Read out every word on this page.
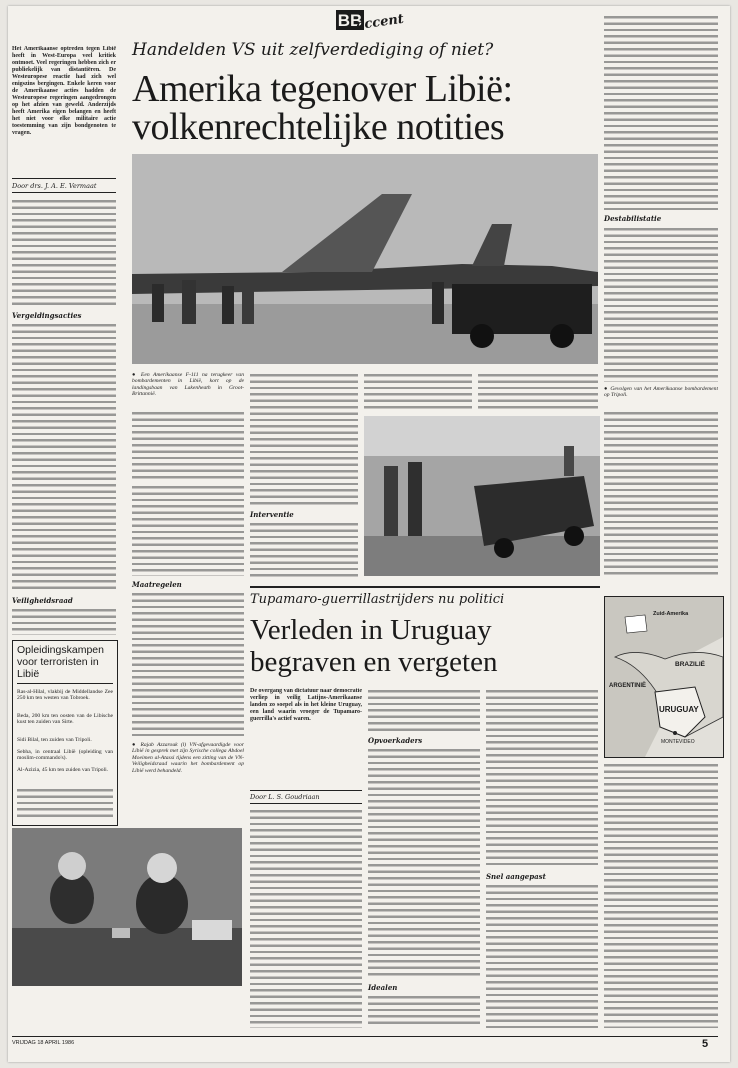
BB
accent
Het Amerikaanse optreden tegen Libië heeft in West-Europa veel kritiek ontmoet. Veel regeringen hebben zich er publiekelijk van distantiëren. De Westeuropese reactie had zich wel enigszins bergingen. Enkele keren voor de Amerikaanse acties hadden de Westeuropese regeringen aangedrongen op het afzien van geweld. Anderzijds heeft Amerika eigen belangen en heeft het niet voor elke militaire actie toestemming van zijn bondgenoten te vragen.
Door drs. J. A. E. Vermaat
Vergeldingsacties
Veiligheidsraad
Opleidingskampen voor terroristen in Libië
Ras-al-Hilal, vlakbij de Middellandse Zee 250 km ten westen van Tobroek.
Beda, 200 km ten oosten van de Libische kust ten zuiden van Sirte.
Sidi Bilal, ten zuiden van Tripoli.
Sebha, in centraal Libië (opleiding van moslim-commando's).
Al-Azizia, 45 km ten zuiden van Tripoli.
Handelden VS uit zelfverdediging of niet?
Amerika tegenover Libië: volkenrechtelijke notities
Destabilistatie
● Gevolgen van het Amerikaanse bombardement op Tripoli.
● Een Amerikaanse F-111 na terugkeer van bombardementen in Libië, kort op de landingsbaan van Lakenheath in Groot-Brittannië.
Maatregelen
● Rajab Azzarouk (l) VN-afgevaardigde voor Libië in gesprek met zijn Syrische collega Abdoel Moeimen al-Atassi tijdens een zitting van de VN-Veiligheidsraad waarin het bombardement op Libië werd behandeld.
Interventie
Tupamaro-guerrillastrijders nu politici
Verleden in Uruguay begraven en vergeten
De overgang van dictatuur naar democratie verliep in veilig Latijns-Amerikaanse landen zo soepel als in het kleine Uruguay, een land waarin vroeger de Tupamaro-guerrilla's actief waren.
Door L. S. Goudriaan
Opvoerkaders
Idealen
Snel aangepast
Zuid-Amerika
BRAZILIË
ARGENTINIË
URUGUAY
MONTEVIDEO
VRIJDAG 18 APRIL 1986	5
